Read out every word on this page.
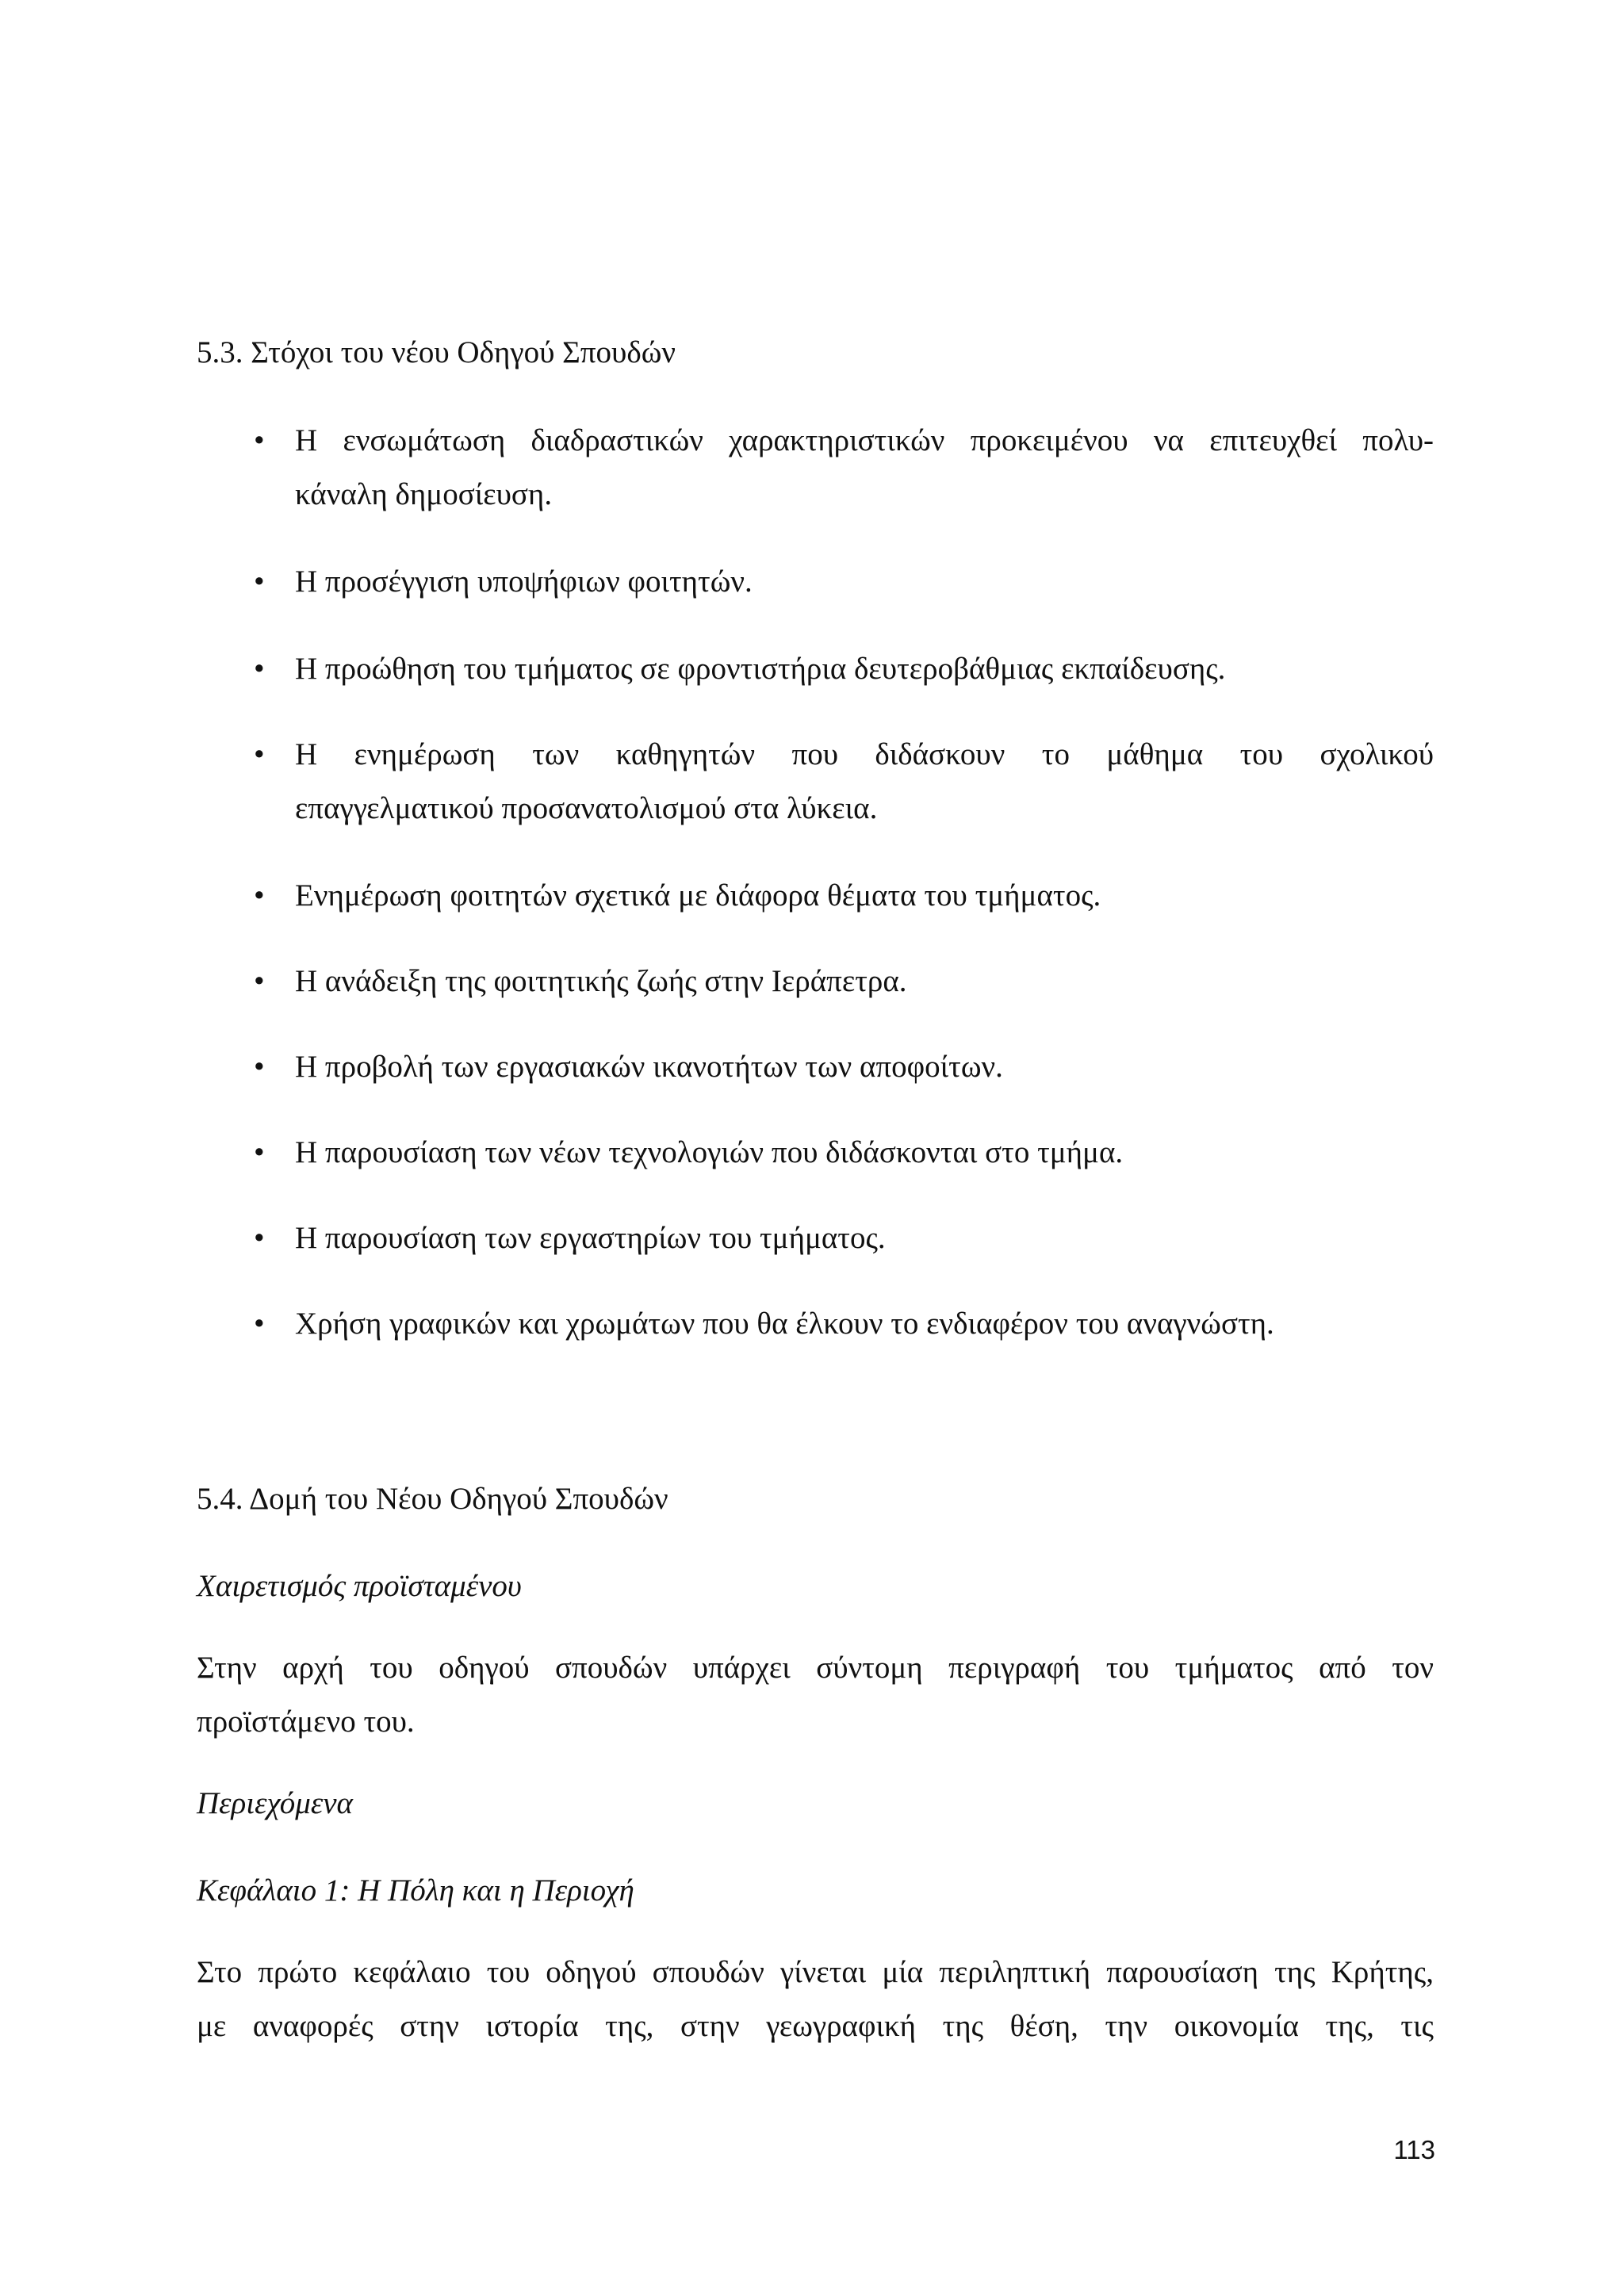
5.3. Στόχοι του νέου Οδηγού Σπουδών
• Η ενσωμάτωση διαδραστικών χαρακτηριστικών προκειμένου να επιτευχθεί πολυ-
κάναλη δημοσίευση.
• Η προσέγγιση υποψήφιων φοιτητών.
• Η προώθηση του τμήματος σε φροντιστήρια δευτεροβάθμιας εκπαίδευσης.
• Η ενημέρωση των καθηγητών που διδάσκουν το μάθημα του σχολικού
επαγγελματικού προσανατολισμού στα λύκεια.
• Ενημέρωση φοιτητών σχετικά με διάφορα θέματα του τμήματος.
• Η ανάδειξη της φοιτητικής ζωής στην Ιεράπετρα.
• Η προβολή των εργασιακών ικανοτήτων των αποφοίτων.
• Η παρουσίαση των νέων τεχνολογιών που διδάσκονται στο τμήμα.
• Η παρουσίαση των εργαστηρίων του τμήματος.
• Χρήση γραφικών και χρωμάτων που θα έλκουν το ενδιαφέρον του αναγνώστη.
5.4. Δομή του Νέου Οδηγού Σπουδών
Χαιρετισμός προϊσταμένου
Στην αρχή του οδηγού σπουδών υπάρχει σύντομη περιγραφή του τμήματος από τον
προϊστάμενο του.
Περιεχόμενα
Κεφάλαιο 1: Η Πόλη και η Περιοχή
Στο πρώτο κεφάλαιο του οδηγού σπουδών γίνεται μία περιληπτική παρουσίαση της Κρήτης,
με αναφορές στην ιστορία της, στην γεωγραφική της θέση, την οικονομία της, τις
113
